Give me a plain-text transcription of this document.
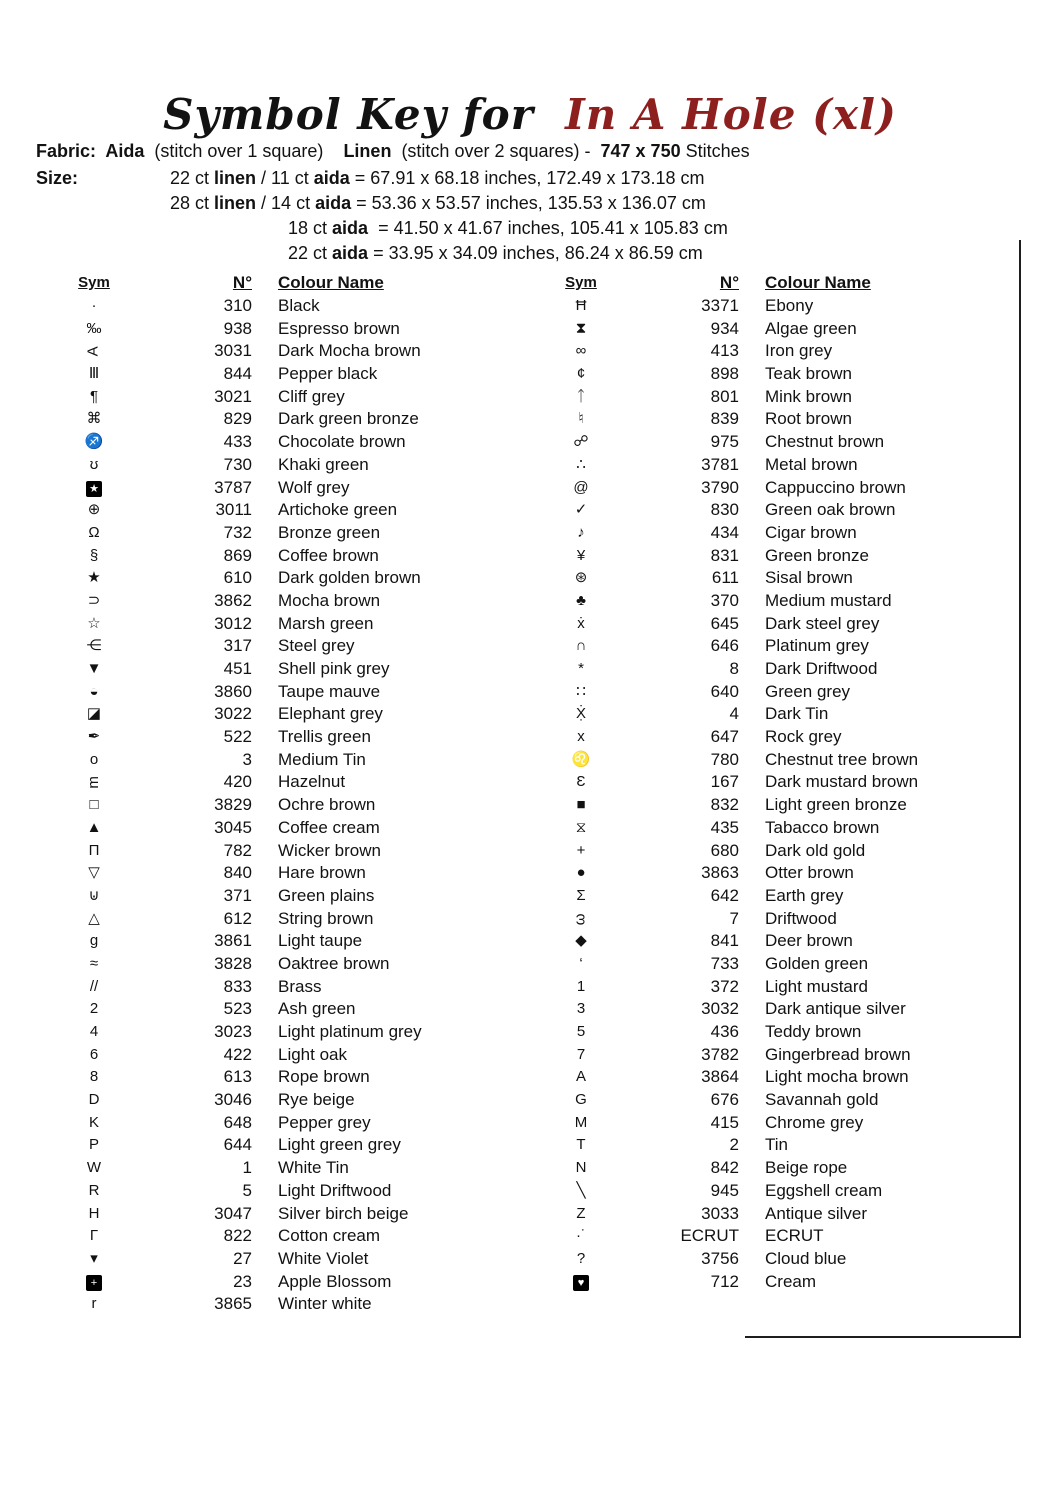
Symbol Key for  In A Hole (xl)
Fabric:  Aida  (stitch over 1 square)    Linen  (stitch over 2 squares) -  747 x 750 Stitches
Size:	22 ct linen / 11 ct aida = 67.91 x 68.18 inches, 172.49 x 173.18 cm
28 ct linen / 14 ct aida = 53.36 x 53.57 inches, 135.53 x 136.07 cm
18 ct aida  = 41.50 x 41.67 inches, 105.41 x 105.83 cm
22 ct aida = 33.95 x 34.09 inches, 86.24 x 86.59 cm
Sym	N°	Colour Name
·	310	Black
‰	938	Espresso brown
A	3031	Dark Mocha brown
Ⅲ	844	Pepper black
¶	3021	Cliff grey
⌘	829	Dark green bronze
♐	433	Chocolate brown
ʊ	730	Khaki green
★	3787	Wolf grey
⊕	3011	Artichoke green
Ω	732	Bronze green
§	869	Coffee brown
★	610	Dark golden brown
⊃	3862	Mocha brown
☆	3012	Marsh green
⋲	317	Steel grey
▼	451	Shell pink grey
◒	3860	Taupe mauve
◪	3022	Elephant grey
✒	522	Trellis green
o	3	Medium Tin
m	420	Hazelnut
□	3829	Ochre brown
▲	3045	Coffee cream
Π	782	Wicker brown
▽	840	Hare brown
⊍	371	Green plains
△	612	String brown
g	3861	Light taupe
≈	3828	Oaktree brown
//	833	Brass
2	523	Ash green
4	3023	Light platinum grey
6	422	Light oak
8	613	Rope brown
D	3046	Rye beige
K	648	Pepper grey
P	644	Light green grey
W	1	White Tin
R	5	Light Driftwood
H	3047	Silver birch beige
Γ	822	Cotton cream
▾	27	White Violet
+	23	Apple Blossom
r	3865	Winter white
Sym	N°	Colour Name
Ħ	3371	Ebony
⧗	934	Algae green
∞	413	Iron grey
¢	898	Teak brown
ᛏ	801	Mink brown
♮	839	Root brown
☍	975	Chestnut brown
∴	3781	Metal brown
@	3790	Cappuccino brown
✓	830	Green oak brown
♪	434	Cigar brown
¥	831	Green bronze
⊛	611	Sisal brown
♣	370	Medium mustard
ẋ	645	Dark steel grey
∩	646	Platinum grey
*	8	Dark Driftwood
∷	640	Green grey
Ẋ̣	4	Dark Tin
x	647	Rock grey
♌	780	Chestnut tree brown
Ɛ	167	Dark mustard brown
■	832	Light green bronze
⧖	435	Tabacco brown
+	680	Dark old gold
●	3863	Otter brown
Σ	642	Earth grey
ω	7	Driftwood
◆	841	Deer brown
‘	733	Golden green
1	372	Light mustard
3	3032	Dark antique silver
5	436	Teddy brown
7	3782	Gingerbread brown
A	3864	Light mocha brown
G	676	Savannah gold
M	415	Chrome grey
T	2	Tin
N	842	Beige rope
╲	945	Eggshell cream
Z	3033	Antique silver
·˙	ECRUT	ECRUT
?	3756	Cloud blue
♥	712	Cream
